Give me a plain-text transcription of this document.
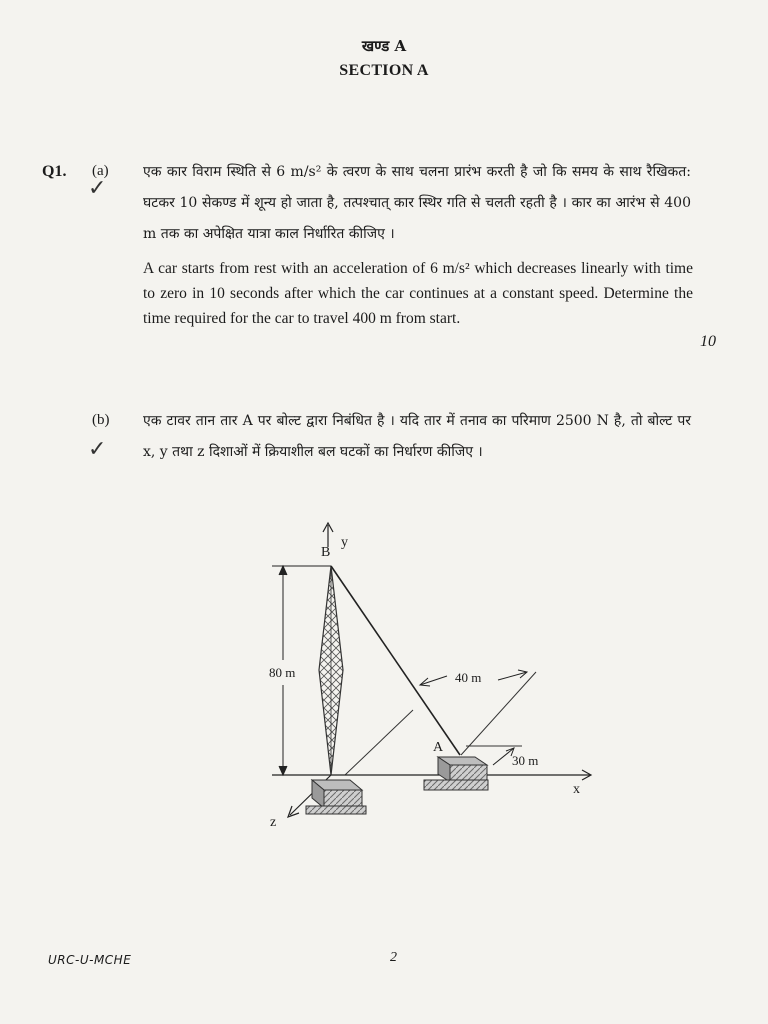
खण्ड A
SECTION A
Q1. (a)
✓
एक कार विराम स्थिति से 6 m/s² के त्वरण के साथ चलना प्रारंभ करती है जो कि समय के साथ रैखिकत: घटकर 10 सेकण्ड में शून्य हो जाता है, तत्पश्चात् कार स्थिर गति से चलती रहती है । कार का आरंभ से 400 m तक का अपेक्षित यात्रा काल निर्धारित कीजिए ।
A car starts from rest with an acceleration of 6 m/s² which decreases linearly with time to zero in 10 seconds after which the car continues at a constant speed. Determine the time required for the car to travel 400 m from start.
10
(b)
✓
एक टावर तान तार A पर बोल्ट द्वारा निबंधित है । यदि तार में तनाव का परिमाण 2500 N है, तो बोल्ट पर x, y तथा z दिशाओं में क्रियाशील बल घटकों का निर्धारण कीजिए ।
B
y
80 m	40 m
30 m
x
z
A
URC-U-MCHE	2
